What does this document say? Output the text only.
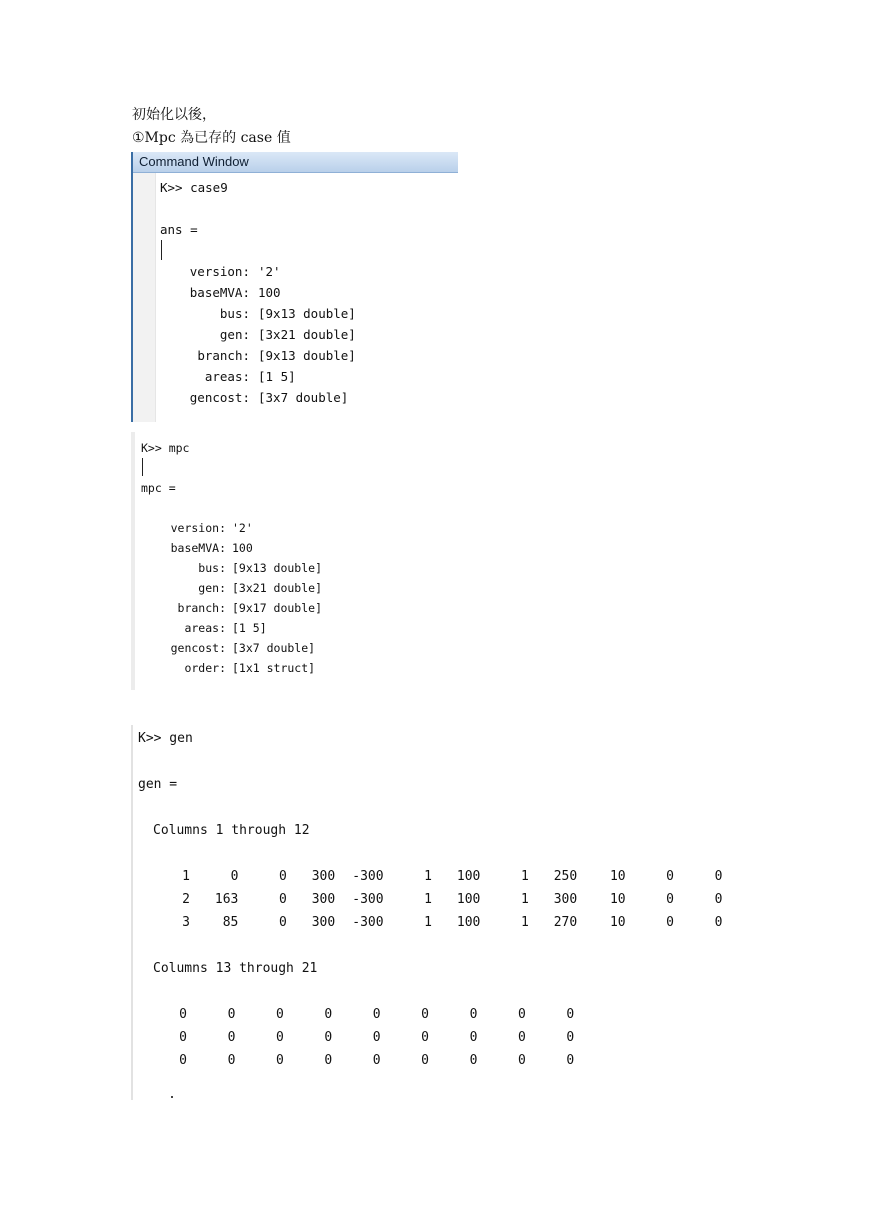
初始化以後，
①Mpc 為已存的 case 值
Command Window
K>> case9
ans =
version: '2'
baseMVA: 100
bus: [9x13 double]
gen: [3x21 double]
branch: [9x13 double]
areas: [1 5]
gencost: [3x7 double]
K>> mpc
mpc =
version: '2'
baseMVA: 100
bus: [9x13 double]
gen: [3x21 double]
branch: [9x17 double]
areas: [1 5]
gencost: [3x7 double]
order: [1x1 struct]
K>> gen
gen =
Columns 1 through 12
1	0	0	300	-300	1	100	1	250	10	0	0
2	163	0	300	-300	1	100	1	300	10	0	0
3	85	0	300	-300	1	100	1	270	10	0	0
Columns 13 through 21
0	0	0	0	0	0	0	0	0
0	0	0	0	0	0	0	0	0
0	0	0	0	0	0	0	0	0
